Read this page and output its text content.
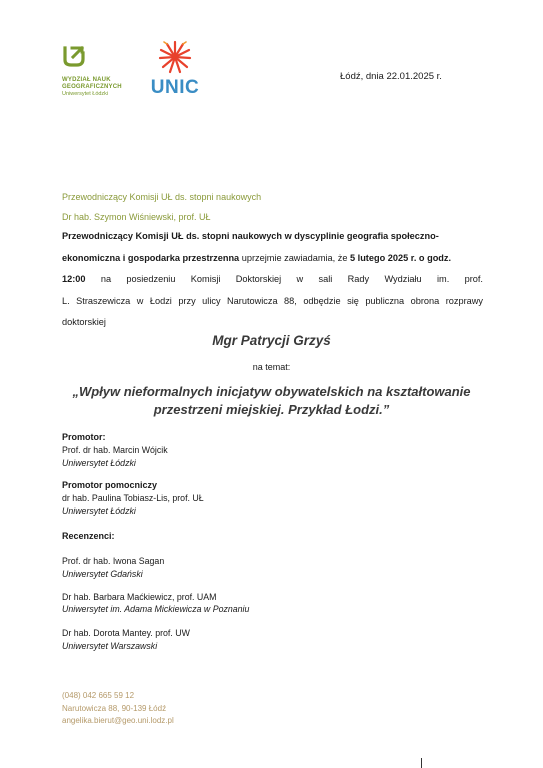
WYDZIAŁ NAUK
GEOGRAFICZNYCH
Uniwersytet Łódzki	UNIC
Łódź, dnia 22.01.2025 r.
Przewodniczący Komisji UŁ ds. stopni naukowych
Dr hab. Szymon Wiśniewski, prof. UŁ
Przewodniczący Komisji UŁ ds. stopni naukowych w dyscyplinie geografia społeczno-
ekonomiczna i gospodarka przestrzenna uprzejmie zawiadamia, że 5 lutego 2025 r. o godz.
12:00 na posiedzeniu Komisji Doktorskiej w sali Rady Wydziału im. prof.
L. Straszewicza w Łodzi przy ulicy Narutowicza 88, odbędzie się publiczna obrona rozprawy
doktorskiej
Mgr Patrycji Grzyś
na temat:
„Wpływ nieformalnych inicjatyw obywatelskich na kształtowanie
przestrzeni miejskiej. Przykład Łodzi.”
Promotor:
Prof. dr hab. Marcin Wójcik
Uniwersytet Łódzki
Promotor pomocniczy
dr hab. Paulina Tobiasz-Lis, prof. UŁ
Uniwersytet Łódzki
Recenzenci:
Prof. dr hab. Iwona Sagan
Uniwersytet Gdański
Dr hab. Barbara Maćkiewicz, prof. UAM
Uniwersytet im. Adama Mickiewicza w Poznaniu
Dr hab. Dorota Mantey. prof. UW
Uniwersytet Warszawski
(048) 042 665 59 12
Narutowicza 88, 90-139 Łódź
angelika.bierut@geo.uni.lodz.pl
